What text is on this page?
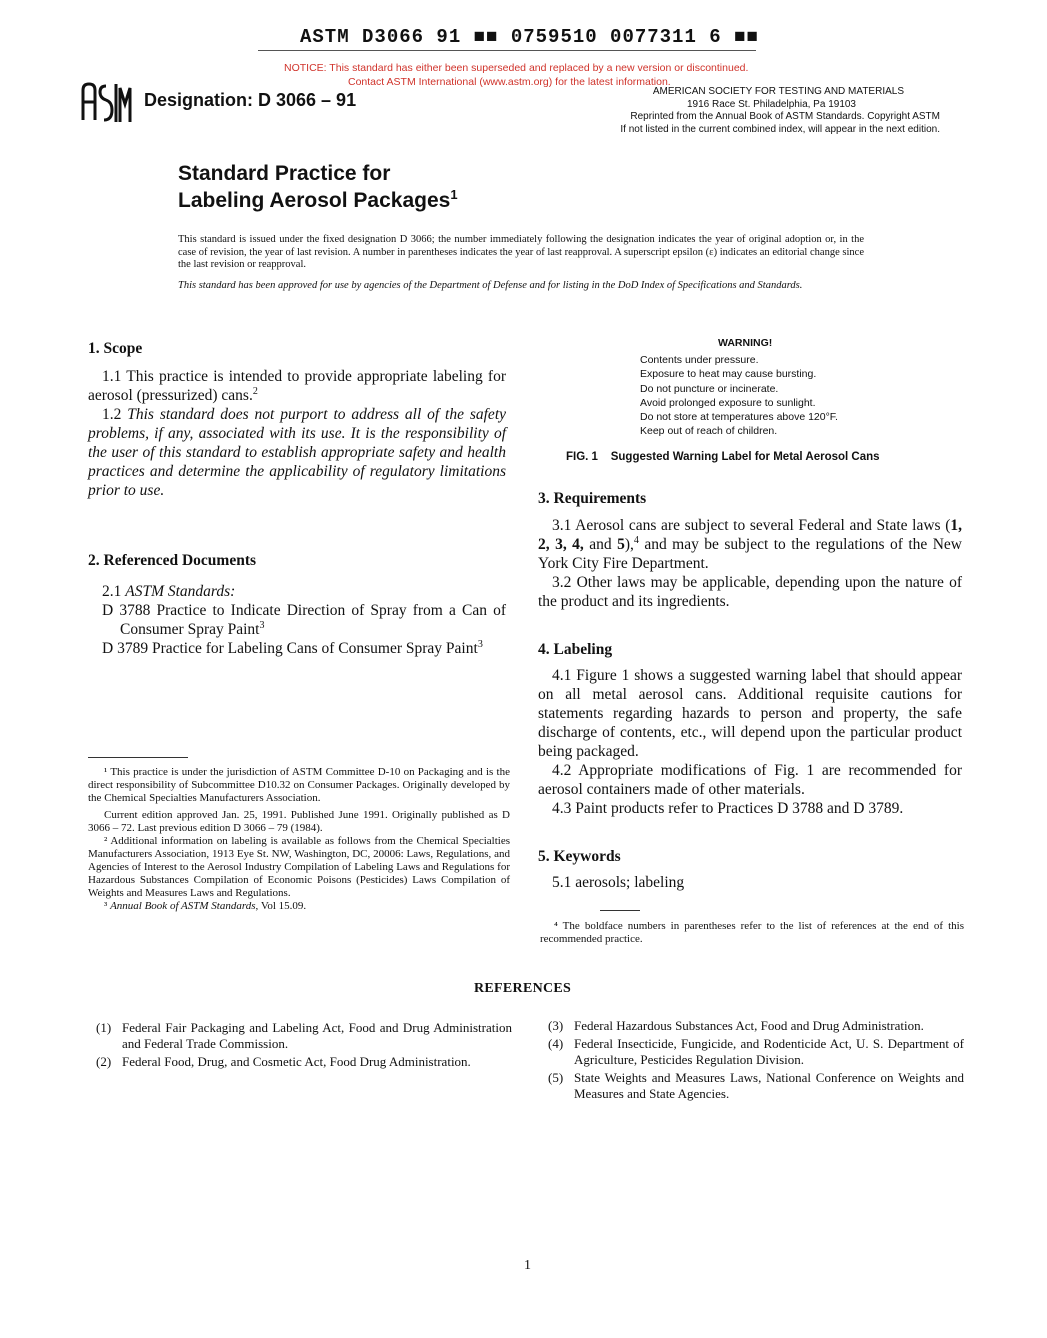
ASTM D3066 91 ■■ 0759510 0077311 6 ■■
NOTICE: This standard has either been superseded and replaced by a new version or discontinued.
Contact ASTM International (www.astm.org) for the latest information.
Designation: D 3066 – 91	AMERICAN SOCIETY FOR TESTING AND MATERIALS
1916 Race St. Philadelphia, Pa 19103
Reprinted from the Annual Book of ASTM Standards. Copyright ASTM
If not listed in the current combined index, will appear in the next edition.
Standard Practice for
Labeling Aerosol Packages$^1$
This standard is issued under the fixed designation D 3066; the number immediately following the designation indicates the year of original adoption or, in the case of revision, the year of last revision. A number in parentheses indicates the year of last reapproval. A superscript epsilon (ε) indicates an editorial change since the last revision or reapproval.
This standard has been approved for use by agencies of the Department of Defense and for listing in the DoD Index of Specifications and Standards.
1. Scope
1.1 This practice is intended to provide appropriate labeling for aerosol (pressurized) cans.$^2$
1.2 This standard does not purport to address all of the safety problems, if any, associated with its use. It is the responsibility of the user of this standard to establish appropriate safety and health practices and determine the applicability of regulatory limitations prior to use.
2. Referenced Documents
2.1 ASTM Standards:
D 3788 Practice to Indicate Direction of Spray from a Can of Consumer Spray Paint$^3$
D 3789 Practice for Labeling Cans of Consumer Spray Paint$^3$
¹ This practice is under the jurisdiction of ASTM Committee D-10 on Packaging and is the direct responsibility of Subcommittee D10.32 on Consumer Packages. Originally developed by the Chemical Specialties Manufacturers Association.
Current edition approved Jan. 25, 1991. Published June 1991. Originally published as D 3066 – 72. Last previous edition D 3066 – 79 (1984).
² Additional information on labeling is available as follows from the Chemical Specialties Manufacturers Association, 1913 Eye St. NW, Washington, DC, 20006: Laws, Regulations, and Agencies of Interest to the Aerosol Industry Compilation of Labeling Laws and Regulations for Hazardous Substances Compilation of Economic Poisons (Pesticides) Laws Compilation of Weights and Measures Laws and Regulations.
³ Annual Book of ASTM Standards, Vol 15.09.
WARNING!
Contents under pressure.
Exposure to heat may cause bursting.
Do not puncture or incinerate.
Avoid prolonged exposure to sunlight.
Do not store at temperatures above 120°F.
Keep out of reach of children.
FIG. 1    Suggested Warning Label for Metal Aerosol Cans
3. Requirements
3.1 Aerosol cans are subject to several Federal and State laws (1, 2, 3, 4, and 5),$^4$ and may be subject to the regulations of the New York City Fire Department.
3.2 Other laws may be applicable, depending upon the nature of the product and its ingredients.
4. Labeling
4.1 Figure 1 shows a suggested warning label that should appear on all metal aerosol cans. Additional requisite cautions for statements regarding hazards to person and property, the safe discharge of contents, etc., will depend upon the particular product being packaged.
4.2 Appropriate modifications of Fig. 1 are recommended for aerosol containers made of other materials.
4.3 Paint products refer to Practices D 3788 and D 3789.
5. Keywords
5.1 aerosols; labeling
⁴ The boldface numbers in parentheses refer to the list of references at the end of this recommended practice.
REFERENCES
(1) Federal Fair Packaging and Labeling Act, Food and Drug Administration and Federal Trade Commission.
(2) Federal Food, Drug, and Cosmetic Act, Food Drug Administration.
(3) Federal Hazardous Substances Act, Food and Drug Administration.
(4) Federal Insecticide, Fungicide, and Rodenticide Act, U. S. Department of Agriculture, Pesticides Regulation Division.
(5) State Weights and Measures Laws, National Conference on Weights and Measures and State Agencies.
1
